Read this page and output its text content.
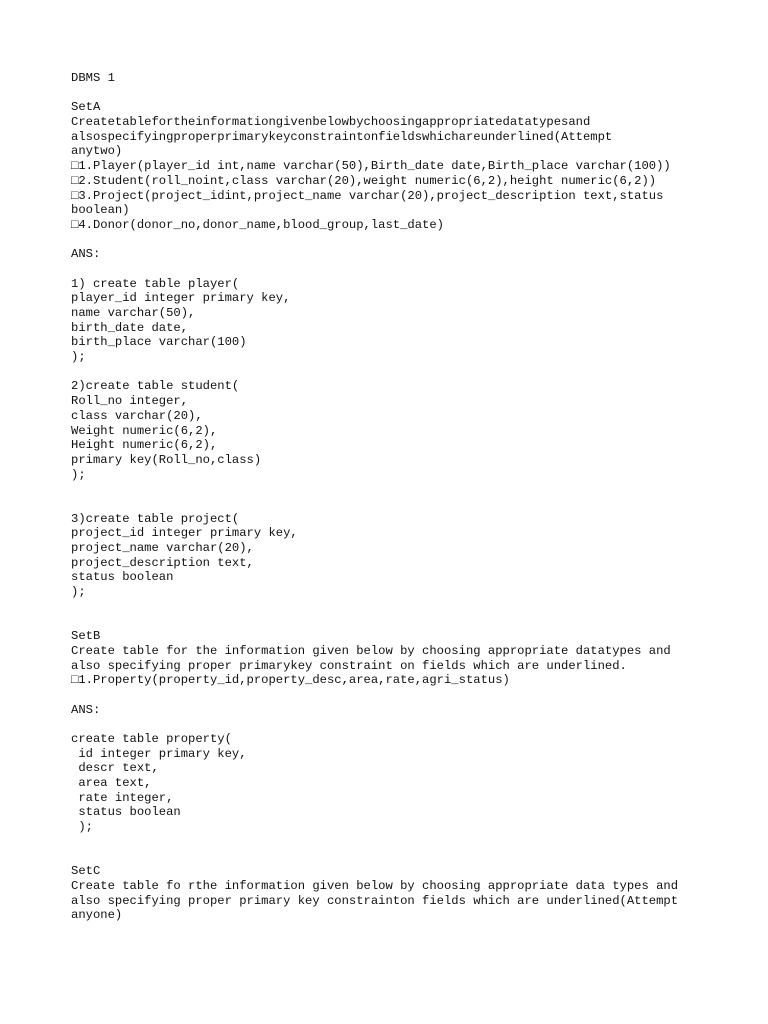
DBMS 1
SetA
Createtablefortheinformationgivenbelowbychoosingappropriatedatatypesand
alsospecifyingproperprimarykeyconstraintonfieldswhichareunderlined(Attempt
anytwo)
□1.Player(player_id int,name varchar(50),Birth_date date,Birth_place varchar(100))
□2.Student(roll_noint,class varchar(20),weight numeric(6,2),height numeric(6,2))
□3.Project(project_idint,project_name varchar(20),project_description text,status
boolean)
□4.Donor(donor_no,donor_name,blood_group,last_date)
ANS:
1) create table player(
player_id integer primary key,
name varchar(50),
birth_date date,
birth_place varchar(100)
);
2)create table student(
Roll_no integer,
class varchar(20),
Weight numeric(6,2),
Height numeric(6,2),
primary key(Roll_no,class)
);
3)create table project(
project_id integer primary key,
project_name varchar(20),
project_description text,
status boolean
);
SetB
Create table for the information given below by choosing appropriate datatypes and
also specifying proper primarykey constraint on fields which are underlined.
□1.Property(property_id,property_desc,area,rate,agri_status)
ANS:
create table property(
id integer primary key,
descr text,
area text,
rate integer,
status boolean
);
SetC
Create table fo rthe information given below by choosing appropriate data types and
also specifying proper primary key constrainton fields which are underlined(Attempt
anyone)
